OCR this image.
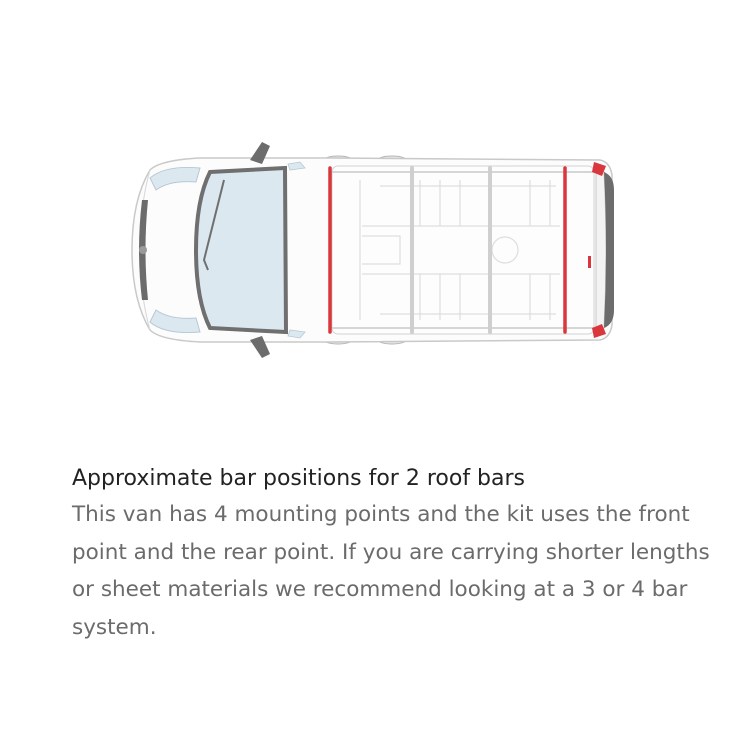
Approximate bar positions for 2 roof bars

This van has 4 mounting points and the kit uses the front point and the rear point. If you are carrying shorter lengths or sheet materials we recommend looking at a 3 or 4 bar system.
